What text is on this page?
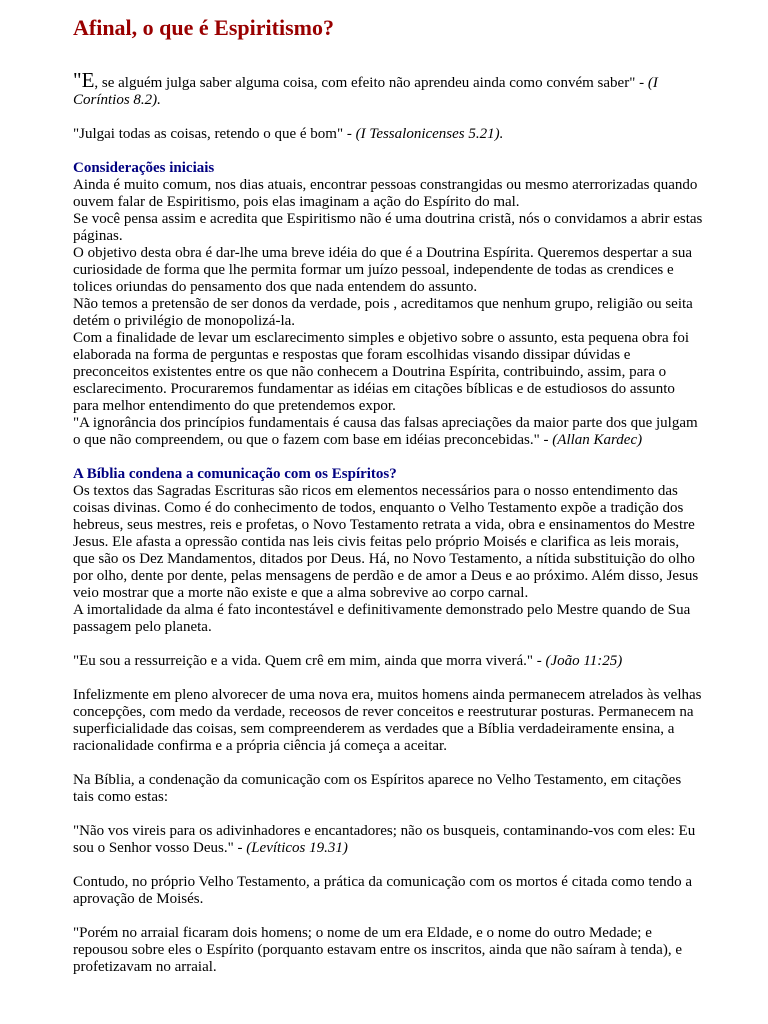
Afinal, o que é Espiritismo?

"E, se alguém julga saber alguma coisa, com efeito não aprendeu ainda como convém saber" - (I Coríntios 8.2).

"Julgai todas as coisas, retendo o que é bom" - (I Tessalonicenses 5.21).

Considerações iniciais

Ainda é muito comum, nos dias atuais, encontrar pessoas constrangidas ou mesmo aterrorizadas quando ouvem falar de Espiritismo, pois elas imaginam a ação do Espírito do mal.

Se você pensa assim e acredita que Espiritismo não é uma doutrina cristã, nós o convidamos a abrir estas páginas.

O objetivo desta obra é dar-lhe uma breve idéia do que é a Doutrina Espírita. Queremos despertar a sua curiosidade de forma que lhe permita formar um juízo pessoal, independente de todas as crendices e tolices oriundas do pensamento dos que nada entendem do assunto.

Não temos a pretensão de ser donos da verdade, pois , acreditamos que nenhum grupo, religião ou seita detém o privilégio de monopolizá-la.

Com a finalidade de levar um esclarecimento simples e objetivo sobre o assunto, esta pequena obra foi elaborada na forma de perguntas e respostas que foram escolhidas visando dissipar dúvidas e preconceitos existentes entre os que não conhecem a Doutrina Espírita, contribuindo, assim, para o esclarecimento. Procuraremos fundamentar as idéias em citações bíblicas e de estudiosos do assunto para melhor entendimento do que pretendemos expor.

"A ignorância dos princípios fundamentais é causa das falsas apreciações da maior parte dos que julgam o que não compreendem, ou que o fazem com base em idéias preconcebidas." - (Allan Kardec)

A Bíblia condena a comunicação com os Espíritos?

Os textos das Sagradas Escrituras são ricos em elementos necessários para o nosso entendimento das coisas divinas. Como é do conhecimento de todos, enquanto o Velho Testamento expõe a tradição dos hebreus, seus mestres, reis e profetas, o Novo Testamento retrata a vida, obra e ensinamentos do Mestre Jesus. Ele afasta a opressão contida nas leis civis feitas pelo próprio Moisés e clarifica as leis morais, que são os Dez Mandamentos, ditados por Deus. Há, no Novo Testamento, a nítida substituição do olho por olho, dente por dente, pelas mensagens de perdão e de amor a Deus e ao próximo. Além disso, Jesus veio mostrar que a morte não existe e que a alma sobrevive ao corpo carnal.

A imortalidade da alma é fato incontestável e definitivamente demonstrado pelo Mestre quando de Sua passagem pelo planeta.

"Eu sou a ressurreição e a vida. Quem crê em mim, ainda que morra viverá." - (João 11:25)

Infelizmente em pleno alvorecer de uma nova era, muitos homens ainda permanecem atrelados às velhas concepções, com medo da verdade, receosos de rever conceitos e reestruturar posturas. Permanecem na superficialidade das coisas, sem compreenderem as verdades que a Bíblia verdadeiramente ensina, a racionalidade confirma e a própria ciência já começa a aceitar.

Na Bíblia, a condenação da comunicação com os Espíritos aparece no Velho Testamento, em citações tais como estas:

"Não vos vireis para os adivinhadores e encantadores; não os busqueis, contaminando-vos com eles: Eu sou o Senhor vosso Deus." - (Levíticos 19.31)

Contudo, no próprio Velho Testamento, a prática da comunicação com os mortos é citada como tendo a aprovação de Moisés.

"Porém no arraial ficaram dois homens; o nome de um era Eldade, e o nome do outro Medade; e repousou sobre eles o Espírito (porquanto estavam entre os inscritos, ainda que não saíram à tenda), e profetizavam no arraial.
